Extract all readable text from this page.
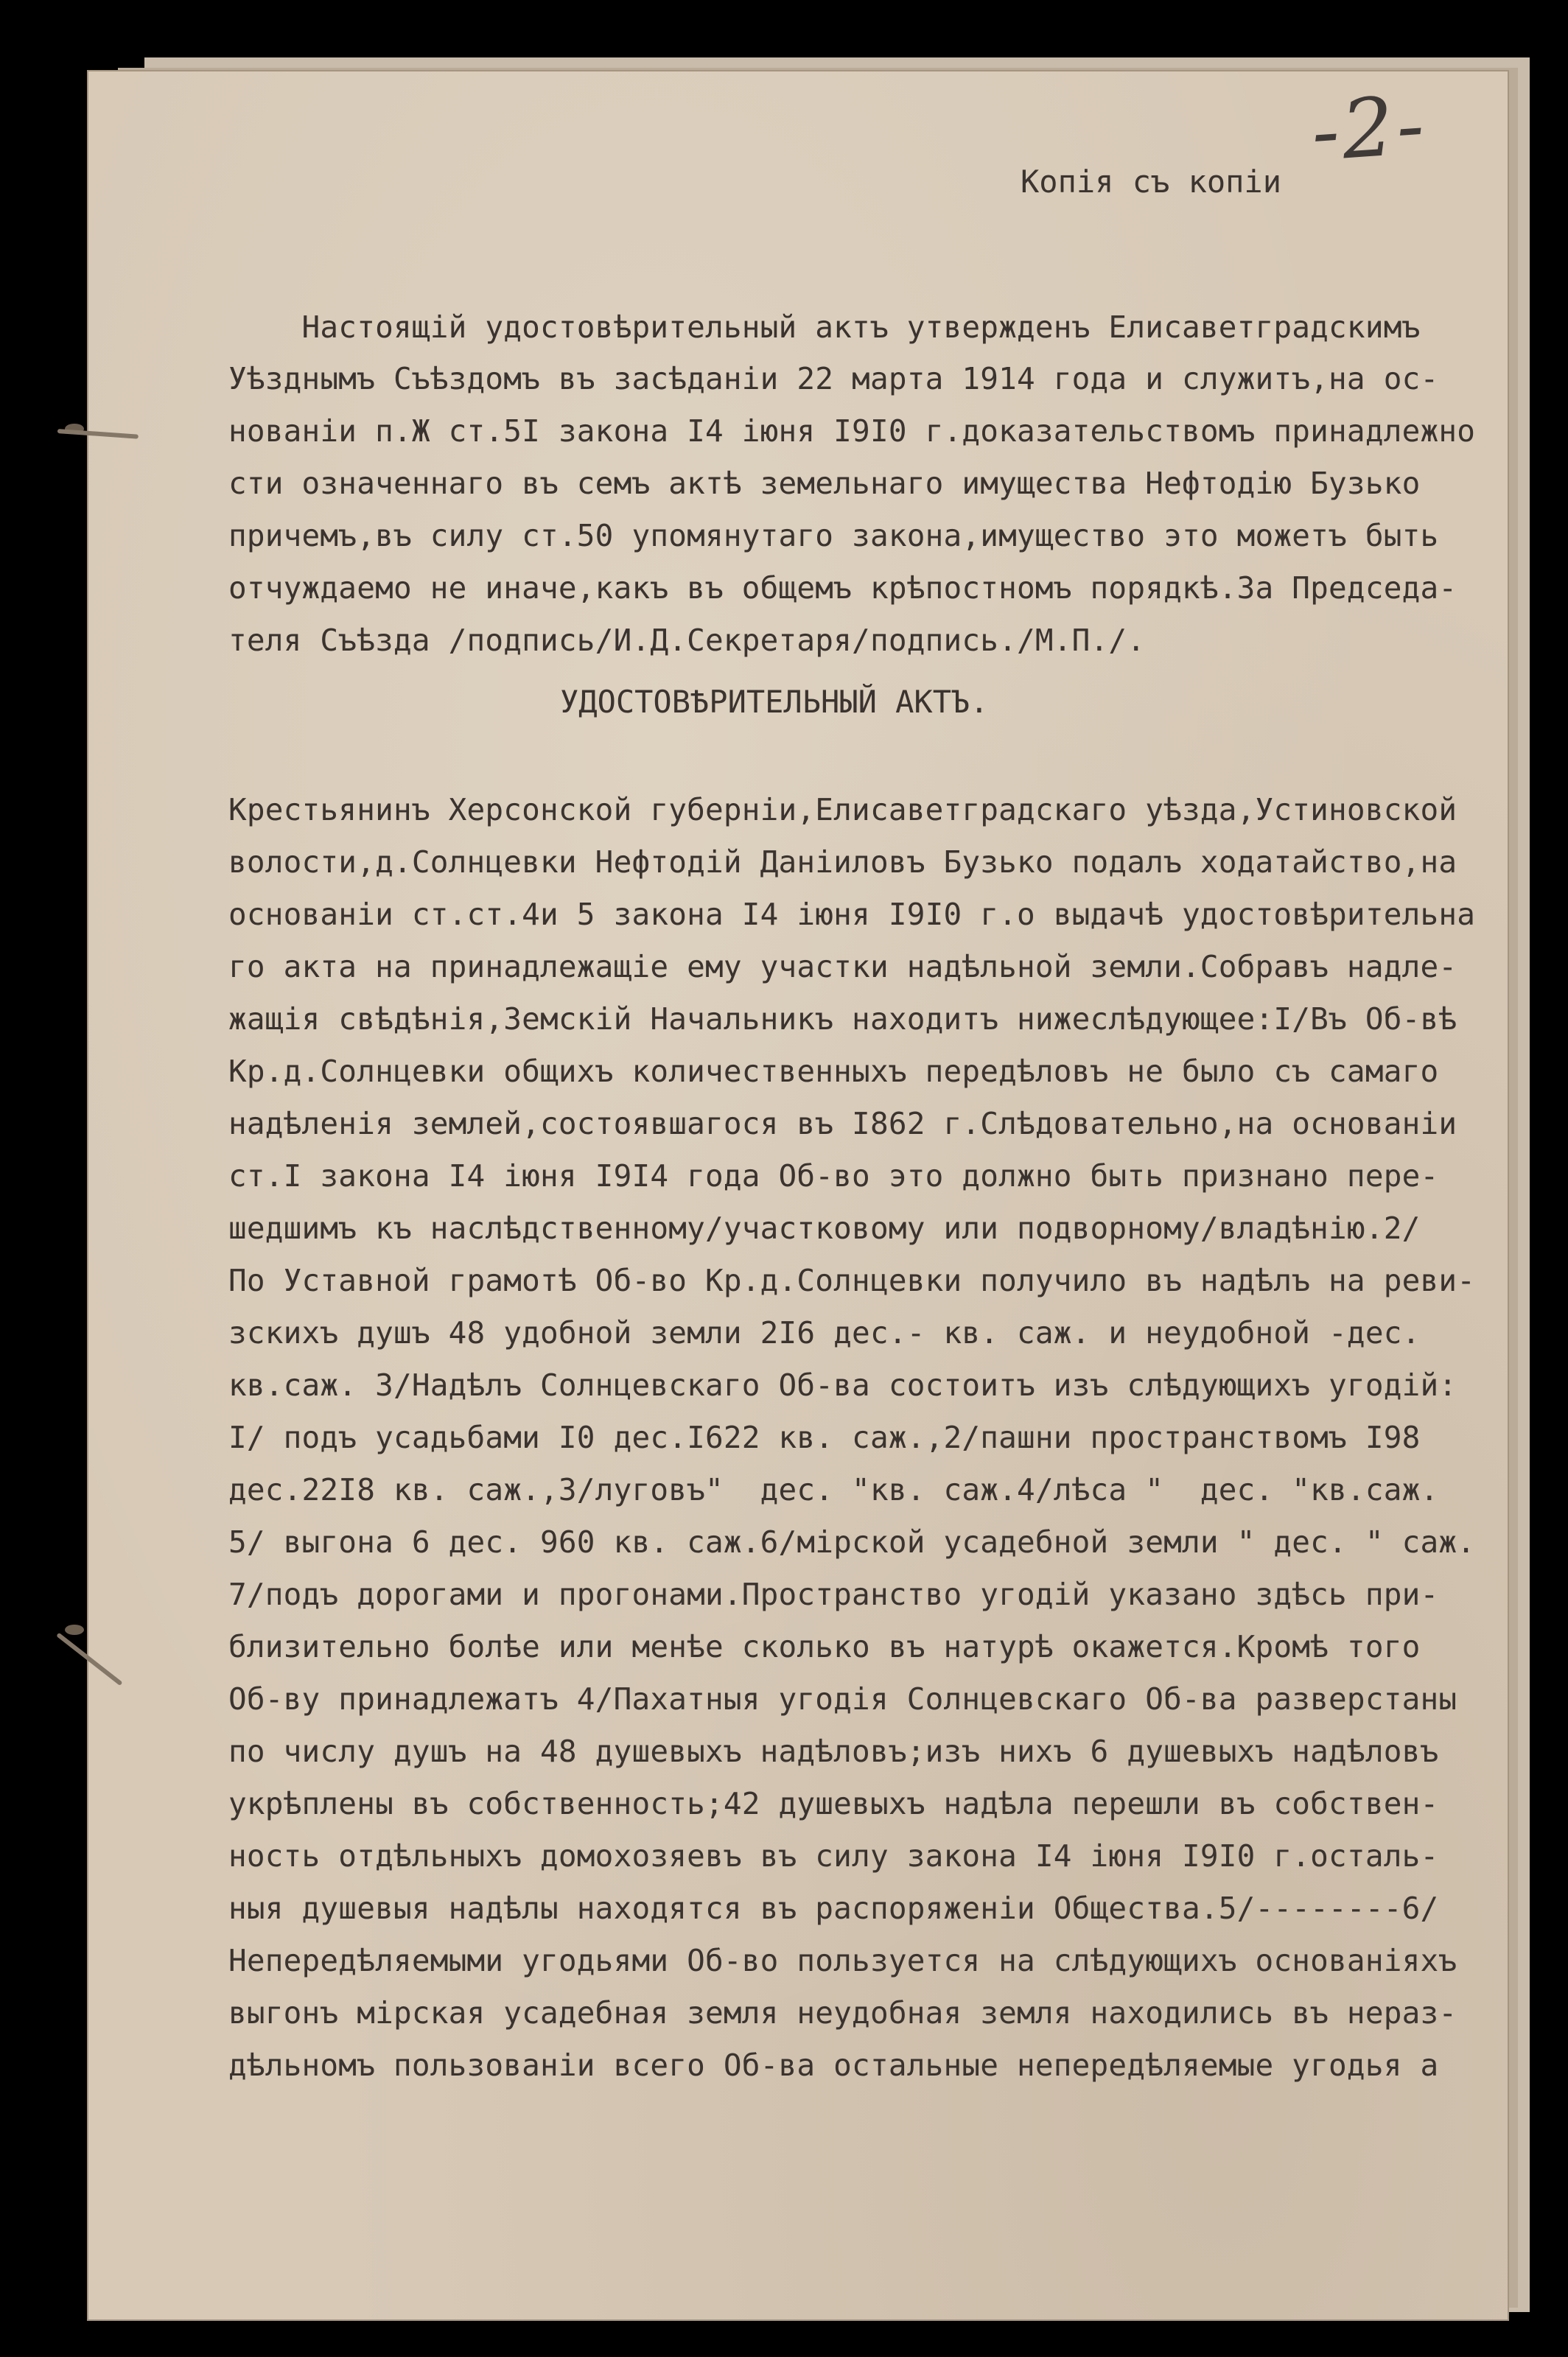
-2-
Копія съ копіи
Настоящій удостовѣрительный актъ утвержденъ Елисаветградскимъ
Уѣзднымъ Съѣздомъ въ засѣданіи 22 марта 1914 года и служитъ,на ос-
нованіи п.Ж ст.5I закона I4 іюня I9I0 г.доказательствомъ принадлежно
сти означеннаго въ семъ актѣ земельнаго имущества Нефтодію Бузько
причемъ,въ силу ст.50 упомянутаго закона,имущество это можетъ быть
отчуждаемо не иначе,какъ въ общемъ крѣпостномъ порядкѣ.За Председа-
теля Съѣзда /подпись/И.Д.Секретаря/подпись./М.П./.
УДОСТОВѢРИТЕЛЬНЫЙ АКТЪ.
Крестьянинъ Херсонской губерніи,Елисаветградскаго уѣзда,Устиновской
волости,д.Солнцевки Нефтодій Даніиловъ Бузько подалъ ходатайство,на
основаніи ст.ст.4и 5 закона I4 іюня I9I0 г.о выдачѣ удостовѣрительна
го акта на принадлежащіе ему участки надѣльной земли.Собравъ надле-
жащія свѣдѣнія,Земскій Начальникъ находитъ нижеслѣдующее:I/Въ Об-вѣ
Кр.д.Солнцевки общихъ количественныхъ передѣловъ не было съ самаго
надѣленія землей,состоявшагося въ I862 г.Слѣдовательно,на основаніи
ст.I закона I4 іюня I9I4 года Об-во это должно быть признано пере-
шедшимъ къ наслѣдственному/участковому или подворному/владѣнію.2/
По Уставной грамотѣ Об-во Кр.д.Солнцевки получило въ надѣлъ на реви-
зскихъ душъ 48 удобной земли 2I6 дес.- кв. саж. и неудобной -дес.
кв.саж. 3/Надѣлъ Солнцевскаго Об-ва состоитъ изъ слѣдующихъ угодій:
I/ подъ усадьбами I0 дес.I622 кв. саж.,2/пашни пространствомъ I98
дес.22I8 кв. саж.,3/луговъ"  дес. "кв. саж.4/лѣса "  дес. "кв.саж.
5/ выгона 6 дес. 960 кв. саж.6/мірской усадебной земли " дес. " саж.
7/подъ дорогами и прогонами.Пространство угодій указано здѣсь при-
близительно болѣе или менѣе сколько въ натурѣ окажется.Кромѣ того
Об-ву принадлежатъ 4/Пахатныя угодія Солнцевскаго Об-ва разверстаны
по числу душъ на 48 душевыхъ надѣловъ;изъ нихъ 6 душевыхъ надѣловъ
укрѣплены въ собственность;42 душевыхъ надѣла перешли въ собствен-
ность отдѣльныхъ домохозяевъ въ силу закона I4 іюня I9I0 г.осталь-
ныя душевыя надѣлы находятся въ распоряженіи Общества.5/--------6/
Непередѣляемыми угодьями Об-во пользуется на слѣдующихъ основаніяхъ
выгонъ мірская усадебная земля неудобная земля находились въ нераз-
дѣльномъ пользованіи всего Об-ва остальные непередѣляемые угодья а
